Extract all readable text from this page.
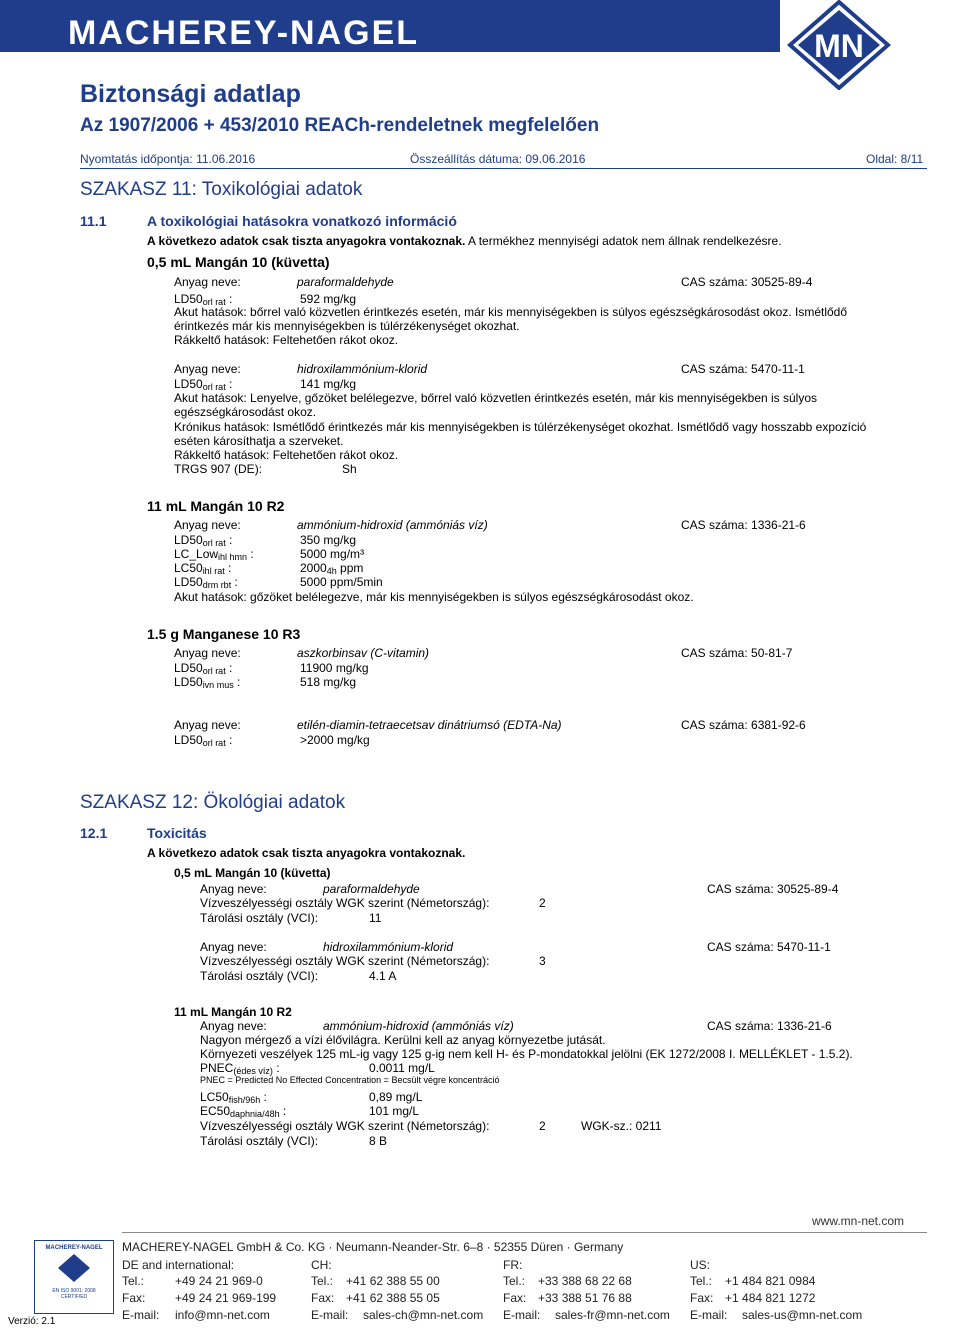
MACHEREY-NAGEL	MN
Biztonsági adatlap
Az 1907/2006 + 453/2010 REACh-rendeletnek megfelelően
Nyomtatás időpontja: 11.06.2016	Összeállítás dátuma: 09.06.2016	Oldal: 8/11
SZAKASZ 11: Toxikológiai adatok
11.1	A toxikológiai hatásokra vonatkozó információ
A következo adatok csak tiszta anyagokra vontakoznak. A termékhez mennyiségi adatok nem állnak rendelkezésre.
0,5 mL Mangán 10 (küvetta)
Anyag neve:	paraformaldehyde	CAS száma: 30525-89-4
$LD50_{orl rat}$ :	592 mg/kg
Akut hatások: bőrrel való közvetlen érintkezés esetén, már kis mennyiségekben is súlyos egészségkárosodást okoz. Ismétlődő
érintkezés már kis mennyiségekben is túlérzékenységet okozhat.
Rákkeltő hatások: Feltehetően rákot okoz.
Anyag neve:	hidroxilammónium-klorid	CAS száma: 5470-11-1
$LD50_{orl rat}$ :	141 mg/kg
Akut hatások: Lenyelve, gőzöket belélegezve, bőrrel való közvetlen érintkezés esetén, már kis mennyiségekben is súlyos
egészségkárosodást okoz.
Krónikus hatások: Ismétlődő érintkezés már kis mennyiségekben is túlérzékenységet okozhat. Ismétlődő vagy hosszabb expozíció
eséten károsíthatja a szerveket.
Rákkeltő hatások: Feltehetően rákot okoz.
TRGS 907 (DE):	Sh
11 mL Mangán 10 R2
Anyag neve:	ammónium-hidroxid (ammóniás víz)	CAS száma: 1336-21-6
$LD50_{orl rat}$ :	350 mg/kg
LC_Low$_{ihl hmn}$ :	5000 mg/m³
$LC50_{ihl rat}$ :	$2000_{4h}$ ppm
$LD50_{drm rbt}$ :	5000 ppm/5min
Akut hatások: gőzöket belélegezve, már kis mennyiségekben is súlyos egészségkárosodást okoz.
1.5 g Manganese 10 R3
Anyag neve:	aszkorbinsav (C-vitamin)	CAS száma: 50-81-7
$LD50_{orl rat}$ :	11900 mg/kg
$LD50_{ivn mus}$ :	518 mg/kg
Anyag neve:	etilén-diamin-tetraecetsav dinátriumsó (EDTA-Na)	CAS száma: 6381-92-6
$LD50_{orl rat}$ :	>2000 mg/kg
SZAKASZ 12: Ökológiai adatok
12.1	Toxicitás
A következo adatok csak tiszta anyagokra vontakoznak.
0,5 mL Mangán 10 (küvetta)
Anyag neve:	paraformaldehyde	CAS száma: 30525-89-4
Vízveszélyességi osztály WGK szerint (Németország):	2
Tárolási osztály (VCI):	11
Anyag neve:	hidroxilammónium-klorid	CAS száma: 5470-11-1
Vízveszélyességi osztály WGK szerint (Németország):	3
Tárolási osztály (VCI):	4.1 A
11 mL Mangán 10 R2
Anyag neve:	ammónium-hidroxid (ammóniás víz)	CAS száma: 1336-21-6
Nagyon mérgező a vízi élővilágra. Kerülni kell az anyag környezetbe jutását.
Környezeti veszélyek 125 mL-ig vagy 125 g-ig nem kell H- és P-mondatokkal jelölni (EK 1272/2008 I. MELLÉKLET - 1.5.2).
$PNEC_{(édes víz)}$ :	0.0011 mg/L
PNEC = Predicted No Effected Concentration = Becsült végre koncentráció
$LC50_{fish/96h}$ :	0,89 mg/L
$EC50_{daphnia/48h}$ :	101 mg/L
Vízveszélyességi osztály WGK szerint (Németország):	2	WGK-sz.: 0211
Tárolási osztály (VCI):	8 B
www.mn-net.com
MACHEREY-NAGEL
EN ISO 9001: 2008
CERTIFIED
MACHEREY-NAGEL GmbH & Co. KG · Neumann-Neander-Str. 6–8 · 52355 Düren · Germany
DE and international:
Tel.:	+49 24 21 969-0
Fax: +49 24 21 969-199
E-mail: info@mn-net.com
CH:
Tel.: +41 62 388 55 00
Fax: +41 62 388 55 05
E-mail: sales-ch@mn-net.com
FR:
Tel.: +33 388 68 22 68
Fax: +33 388 51 76 88
E-mail: sales-fr@mn-net.com
US:
Tel.: +1 484 821 0984
Fax: +1 484 821 1272
E-mail: sales-us@mn-net.com
Verzió: 2.1
